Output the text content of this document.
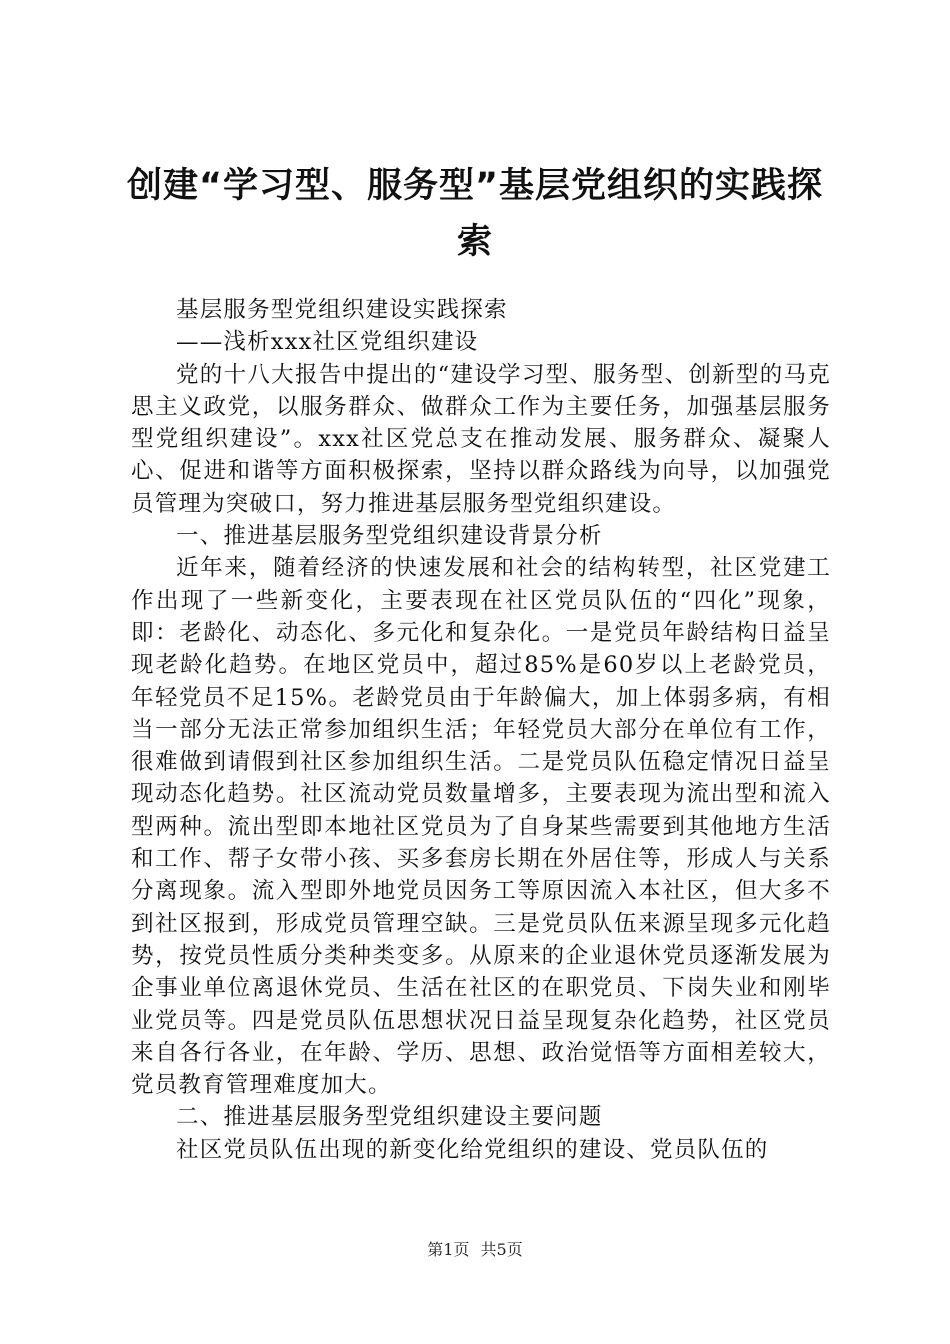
创建“学习型、服务型”基层党组织的实践探索

基层服务型党组织建设实践探索

——浅析xxx社区党组织建设

党的十八大报告中提出的“建设学习型、服务型、创新型的马克思主义政党，以服务群众、做群众工作为主要任务，加强基层服务型党组织建设”。xxx社区党总支在推动发展、服务群众、凝聚人心、促进和谐等方面积极探索，坚持以群众路线为向导，以加强党员管理为突破口，努力推进基层服务型党组织建设。

一、推进基层服务型党组织建设背景分析

近年来，随着经济的快速发展和社会的结构转型，社区党建工作出现了一些新变化，主要表现在社区党员队伍的“四化”现象，即：老龄化、动态化、多元化和复杂化。一是党员年龄结构日益呈现老龄化趋势。在地区党员中，超过85%是60岁以上老龄党员，年轻党员不足15%。老龄党员由于年龄偏大，加上体弱多病，有相当一部分无法正常参加组织生活；年轻党员大部分在单位有工作，很难做到请假到社区参加组织生活。二是党员队伍稳定情况日益呈现动态化趋势。社区流动党员数量增多，主要表现为流出型和流入型两种。流出型即本地社区党员为了自身某些需要到其他地方生活和工作、帮子女带小孩、买多套房长期在外居住等，形成人与关系分离现象。流入型即外地党员因务工等原因流入本社区，但大多不到社区报到，形成党员管理空缺。三是党员队伍来源呈现多元化趋势，按党员性质分类种类变多。从原来的企业退休党员逐渐发展为企事业单位离退休党员、生活在社区的在职党员、下岗失业和刚毕业党员等。四是党员队伍思想状况日益呈现复杂化趋势，社区党员来自各行各业，在年龄、学历、思想、政治觉悟等方面相差较大，党员教育管理难度加大。

二、推进基层服务型党组织建设主要问题

社区党员队伍出现的新变化给党组织的建设、党员队伍的

第1页 共5页
